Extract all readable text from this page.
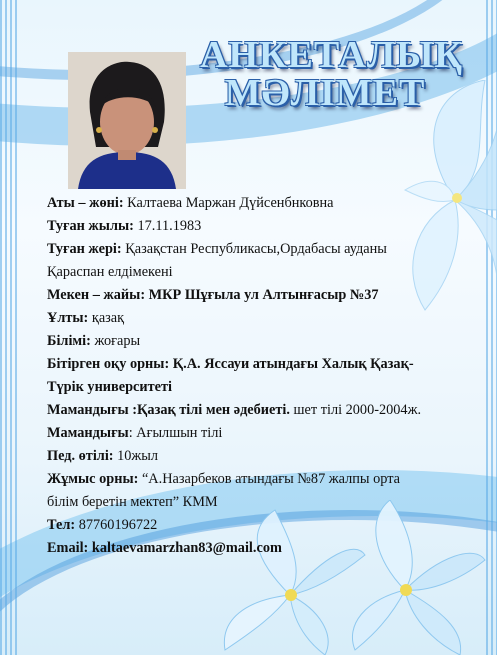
АНКЕТАЛЫҚ
МӘЛІМЕТ

Аты – жөні: Калтаева Маржан Дүйсенбнковна

Туған жылы: 17.11.1983

Туған жері: Қазақстан Республикасы,Ордабасы ауданы

Қараспан елдімекені

Мекен – жайы: МКР Шұғыла ул Алтынғасыр №37

Ұлты: қазақ

Білімі: жоғары

Бітірген оқу орны: Қ.А. Яссауи атындағы Халық Қазақ-

Түрік университеті

Мамандығы :Қазақ тілі мен әдебиеті. шет тілі 2000-2004ж.

Мамандығы: Ағылшын тілі

Пед. өтілі: 10жыл

Жұмыс орны: “А.Назарбеков атындағы №87 жалпы орта

білім беретін мектеп” КММ

Тел: 87760196722

Email: kaltaevamarzhan83@mail.com
